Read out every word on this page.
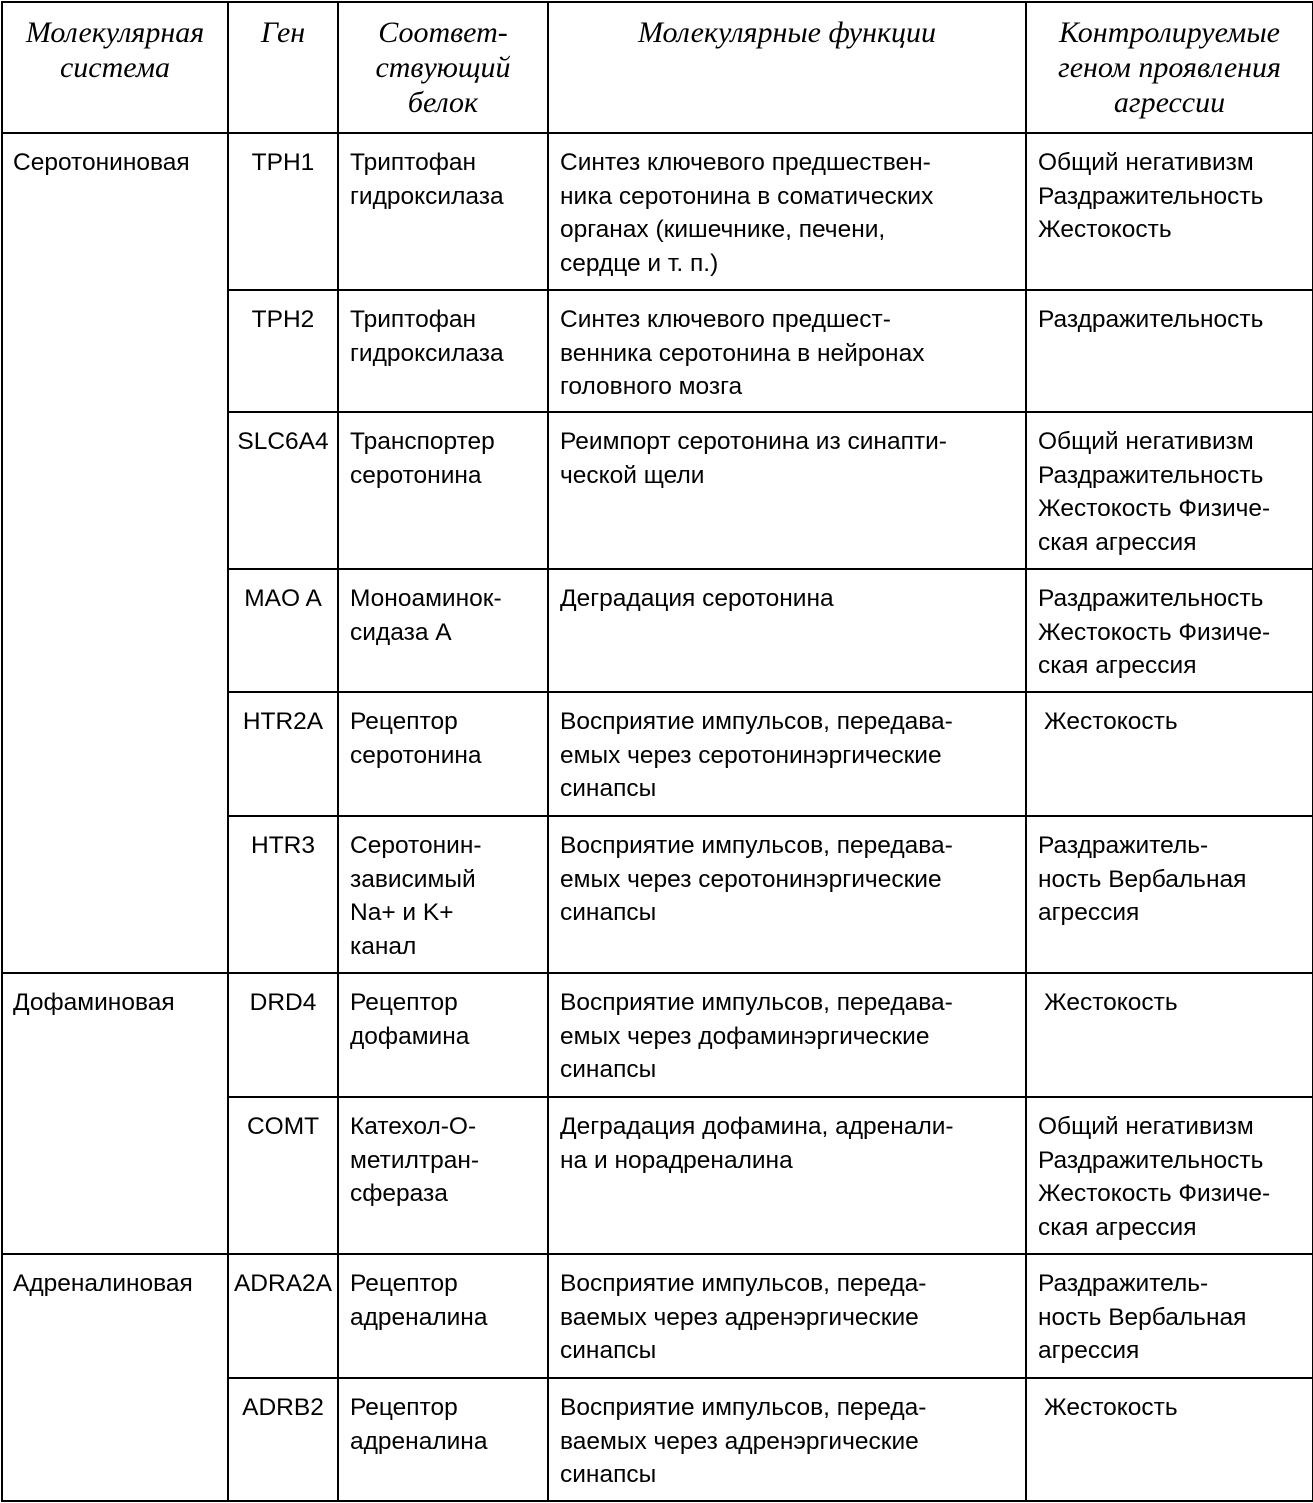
Молекулярная
система	Ген	Соответ-
ствующий
белок	Молекулярные функции	Контролируемые
геном проявления
агрессии

Серотониновая	TPH1	Триптофан
гидроксилаза	Синтез ключевого предшествен-
ника серотонина в соматических
органах (кишечнике, печени,
сердце и т. п.)	Общий негативизм
Раздражительность
Жестокость

	TPH2	Триптофан
гидроксилаза	Синтез ключевого предшест-
венника серотонина в нейронах
головного мозга	Раздражительность

	SLC6A4	Транспортер
серотонина	Реимпорт серотонина из синапти-
ческой щели	Общий негативизм
Раздражительность
Жестокость Физиче-
ская агрессия

	MAO A	Моноаминок-
сидаза А	Деградация серотонина	Раздражительность
Жестокость Физиче-
ская агрессия

	HTR2A	Рецептор
серотонина	Восприятие импульсов, передава-
емых через серотонинэргические
синапсы	Жестокость

	HTR3	Серотонин-
зависимый
Na+ и K+
канал	Восприятие импульсов, передава-
емых через серотонинэргические
синапсы	Раздражитель-
ность Вербальная
агрессия

Дофаминовая	DRD4	Рецептор
дофамина	Восприятие импульсов, передава-
емых через дофаминэргические
синапсы	Жестокость

	COMT	Катехол-О-
метилтран-
сфераза	Деградация дофамина, адренали-
на и норадреналина	Общий негативизм
Раздражительность
Жестокость Физиче-
ская агрессия

Адреналиновая	ADRA2A	Рецептор
адреналина	Восприятие импульсов, переда-
ваемых через адренэргические
синапсы	Раздражитель-
ность Вербальная
агрессия

	ADRB2	Рецептор
адреналина	Восприятие импульсов, переда-
ваемых через адренэргические
синапсы	Жестокость
